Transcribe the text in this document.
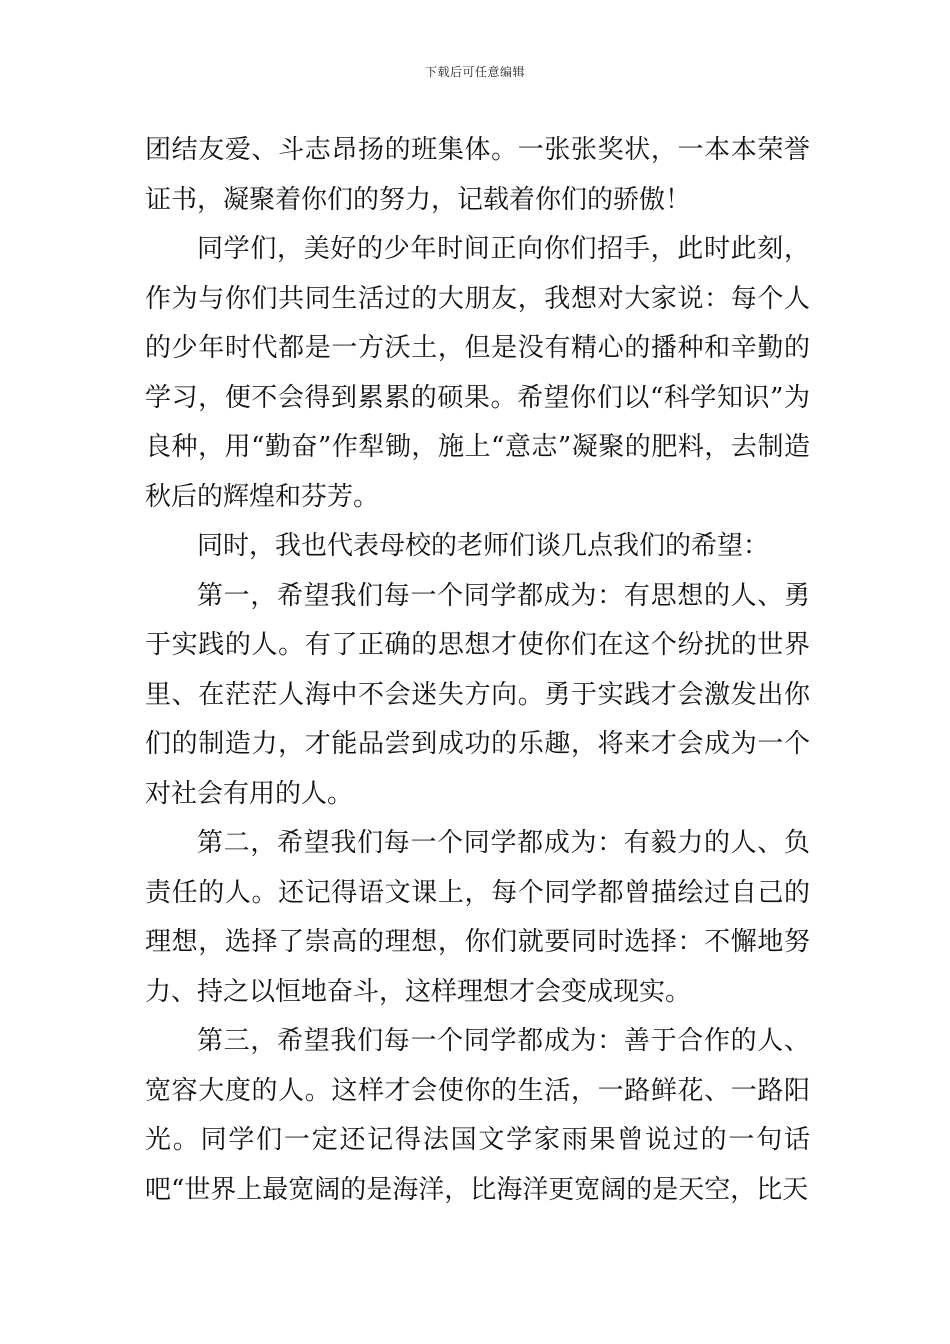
下载后可任意编辑

团结友爱、斗志昂扬的班集体。一张张奖状，一本本荣誉证书，凝聚着你们的努力，记载着你们的骄傲！

同学们，美好的少年时间正向你们招手，此时此刻，作为与你们共同生活过的大朋友，我想对大家说：每个人的少年时代都是一方沃土，但是没有精心的播种和辛勤的学习，便不会得到累累的硕果。希望你们以“科学知识”为良种，用“勤奋”作犁锄，施上“意志”凝聚的肥料，去制造秋后的辉煌和芬芳。

同时，我也代表母校的老师们谈几点我们的希望：

第一，希望我们每一个同学都成为：有思想的人、勇于实践的人。有了正确的思想才使你们在这个纷扰的世界里、在茫茫人海中不会迷失方向。勇于实践才会激发出你们的制造力，才能品尝到成功的乐趣，将来才会成为一个对社会有用的人。

第二，希望我们每一个同学都成为：有毅力的人、负责任的人。还记得语文课上，每个同学都曾描绘过自己的理想，选择了崇高的理想，你们就要同时选择：不懈地努力、持之以恒地奋斗，这样理想才会变成现实。

第三，希望我们每一个同学都成为：善于合作的人、宽容大度的人。这样才会使你的生活，一路鲜花、一路阳光。同学们一定还记得法国文学家雨果曾说过的一句话吧“世界上最宽阔的是海洋，比海洋更宽阔的是天空，比天
